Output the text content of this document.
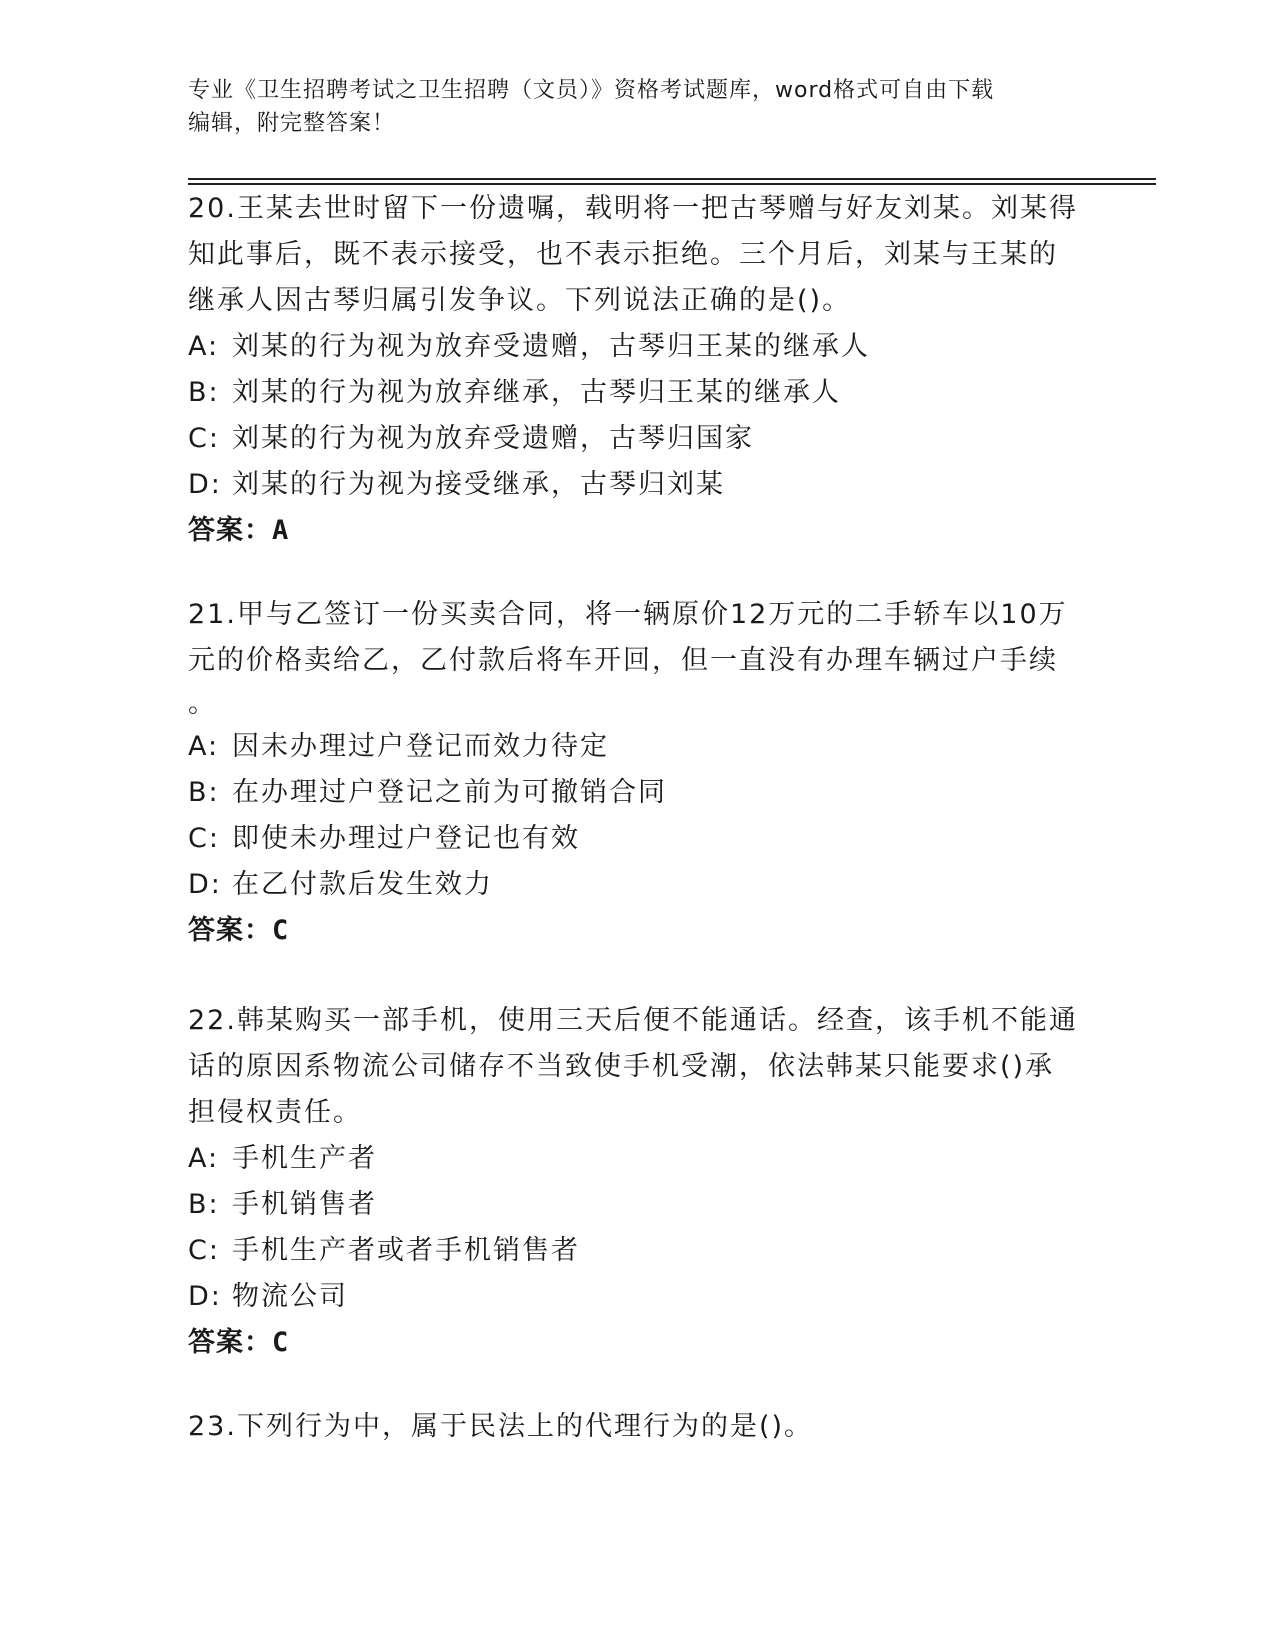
专业《卫生招聘考试之卫生招聘（文员）》资格考试题库，word格式可自由下载
编辑，附完整答案！

20.王某去世时留下一份遗嘱，载明将一把古琴赠与好友刘某。刘某得

知此事后，既不表示接受，也不表示拒绝。三个月后，刘某与王某的

继承人因古琴归属引发争议。下列说法正确的是()。

A: 刘某的行为视为放弃受遗赠，古琴归王某的继承人

B: 刘某的行为视为放弃继承，古琴归王某的继承人

C: 刘某的行为视为放弃受遗赠，古琴归国家

D: 刘某的行为视为接受继承，古琴归刘某

答案：A

21.甲与乙签订一份买卖合同，将一辆原价12万元的二手轿车以10万

元的价格卖给乙，乙付款后将车开回，但一直没有办理车辆过户手续

。

A: 因未办理过户登记而效力待定

B: 在办理过户登记之前为可撤销合同

C: 即使未办理过户登记也有效

D: 在乙付款后发生效力

答案：C

22.韩某购买一部手机，使用三天后便不能通话。经查，该手机不能通

话的原因系物流公司储存不当致使手机受潮，依法韩某只能要求()承

担侵权责任。

A: 手机生产者

B: 手机销售者

C: 手机生产者或者手机销售者

D: 物流公司

答案：C

23.下列行为中，属于民法上的代理行为的是()。
